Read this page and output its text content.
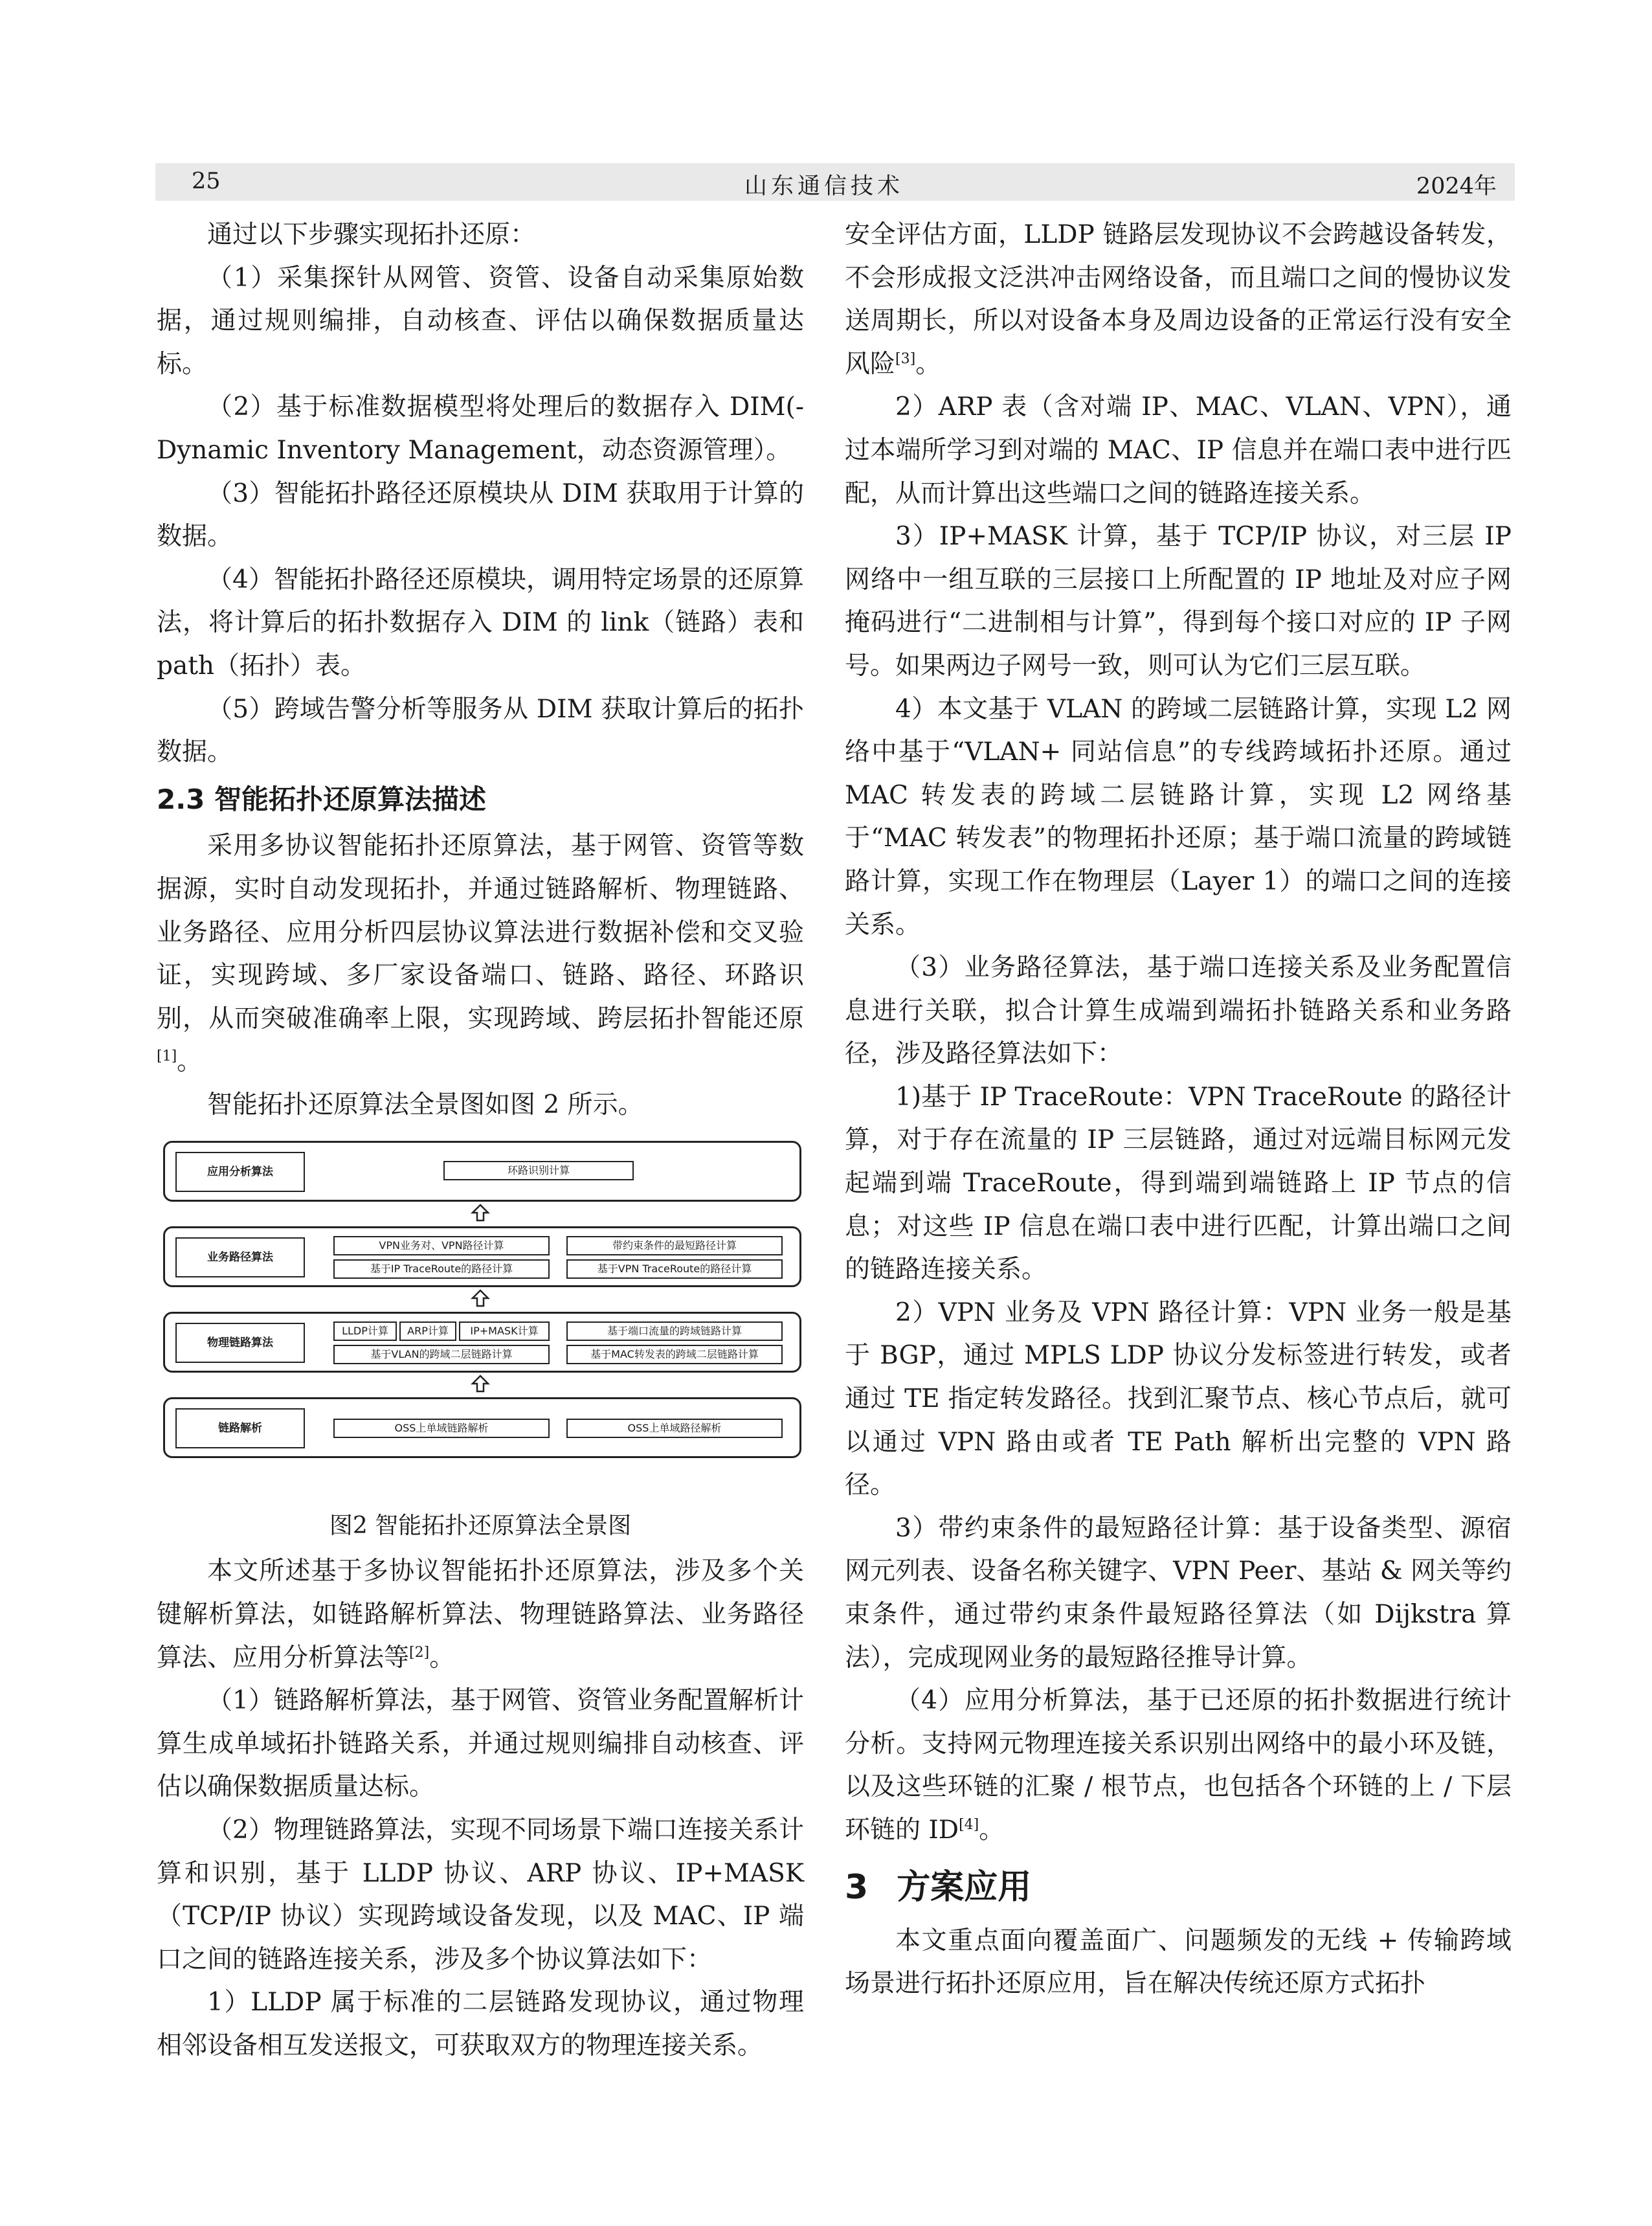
25	山东通信技术	2024年

通过以下步骤实现拓扑还原：

（1）采集探针从网管、资管、设备自动采集原始数据，通过规则编排，自动核查、评估以确保数据质量达标。

（2）基于标准数据模型将处理后的数据存入 DIM(-Dynamic Inventory Management，动态资源管理）。

（3）智能拓扑路径还原模块从 DIM 获取用于计算的数据。

（4）智能拓扑路径还原模块，调用特定场景的还原算法，将计算后的拓扑数据存入 DIM 的 link（链路）表和 path（拓扑）表。

（5）跨域告警分析等服务从 DIM 获取计算后的拓扑数据。

2.3 智能拓扑还原算法描述

采用多协议智能拓扑还原算法，基于网管、资管等数据源，实时自动发现拓扑，并通过链路解析、物理链路、业务路径、应用分析四层协议算法进行数据补偿和交叉验证，实现跨域、多厂家设备端口、链路、路径、环路识别，从而突破准确率上限，实现跨域、跨层拓扑智能还原[1]。

智能拓扑还原算法全景图如图 2 所示。

应用分析算法	环路识别计算
业务路径算法
VPN业务对、VPN路径计算	带约束条件的最短路径计算
基于IP TraceRoute的路径计算	基于VPN TraceRoute的路径计算
物理链路算法
LLDP计算	ARP计算	IP+MASK计算	基于端口流量的跨域链路计算
基于VLAN的跨域二层链路计算	基于MAC转发表的跨域二层链路计算
链路解析	OSS上单域链路解析	OSS上单域路径解析

图2 智能拓扑还原算法全景图

本文所述基于多协议智能拓扑还原算法，涉及多个关键解析算法，如链路解析算法、物理链路算法、业务路径算法、应用分析算法等[2]。

（1）链路解析算法，基于网管、资管业务配置解析计算生成单域拓扑链路关系，并通过规则编排自动核查、评估以确保数据质量达标。

（2）物理链路算法，实现不同场景下端口连接关系计算和识别，基于 LLDP 协议、ARP 协议、IP+MASK（TCP/IP 协议）实现跨域设备发现，以及 MAC、IP 端口之间的链路连接关系，涉及多个协议算法如下：

1）LLDP 属于标准的二层链路发现协议，通过物理相邻设备相互发送报文，可获取双方的物理连接关系。

安全评估方面，LLDP 链路层发现协议不会跨越设备转发，不会形成报文泛洪冲击网络设备，而且端口之间的慢协议发送周期长，所以对设备本身及周边设备的正常运行没有安全风险[3]。

2）ARP 表（含对端 IP、MAC、VLAN、VPN），通过本端所学习到对端的 MAC、IP 信息并在端口表中进行匹配，从而计算出这些端口之间的链路连接关系。

3）IP+MASK 计算，基于 TCP/IP 协议，对三层 IP 网络中一组互联的三层接口上所配置的 IP 地址及对应子网掩码进行“二进制相与计算”，得到每个接口对应的 IP 子网号。如果两边子网号一致，则可认为它们三层互联。

4）本文基于 VLAN 的跨域二层链路计算，实现 L2 网络中基于“VLAN+ 同站信息”的专线跨域拓扑还原。通过 MAC 转发表的跨域二层链路计算，实现 L2 网络基于“MAC 转发表”的物理拓扑还原；基于端口流量的跨域链路计算，实现工作在物理层（Layer 1）的端口之间的连接关系。

（3）业务路径算法，基于端口连接关系及业务配置信息进行关联，拟合计算生成端到端拓扑链路关系和业务路径，涉及路径算法如下：

1)基于 IP TraceRoute：VPN TraceRoute 的路径计算，对于存在流量的 IP 三层链路，通过对远端目标网元发起端到端 TraceRoute，得到端到端链路上 IP 节点的信息；对这些 IP 信息在端口表中进行匹配，计算出端口之间的链路连接关系。

2）VPN 业务及 VPN 路径计算：VPN 业务一般是基于 BGP，通过 MPLS LDP 协议分发标签进行转发，或者通过 TE 指定转发路径。找到汇聚节点、核心节点后，就可以通过 VPN 路由或者 TE Path 解析出完整的 VPN 路径。

3）带约束条件的最短路径计算：基于设备类型、源宿网元列表、设备名称关键字、VPN Peer、基站 & 网关等约束条件，通过带约束条件最短路径算法（如 Dijkstra 算法），完成现网业务的最短路径推导计算。

（4）应用分析算法，基于已还原的拓扑数据进行统计分析。支持网元物理连接关系识别出网络中的最小环及链，以及这些环链的汇聚 / 根节点，也包括各个环链的上 / 下层环链的 ID[4]。

3 方案应用

本文重点面向覆盖面广、问题频发的无线 + 传输跨域场景进行拓扑还原应用，旨在解决传统还原方式拓扑
